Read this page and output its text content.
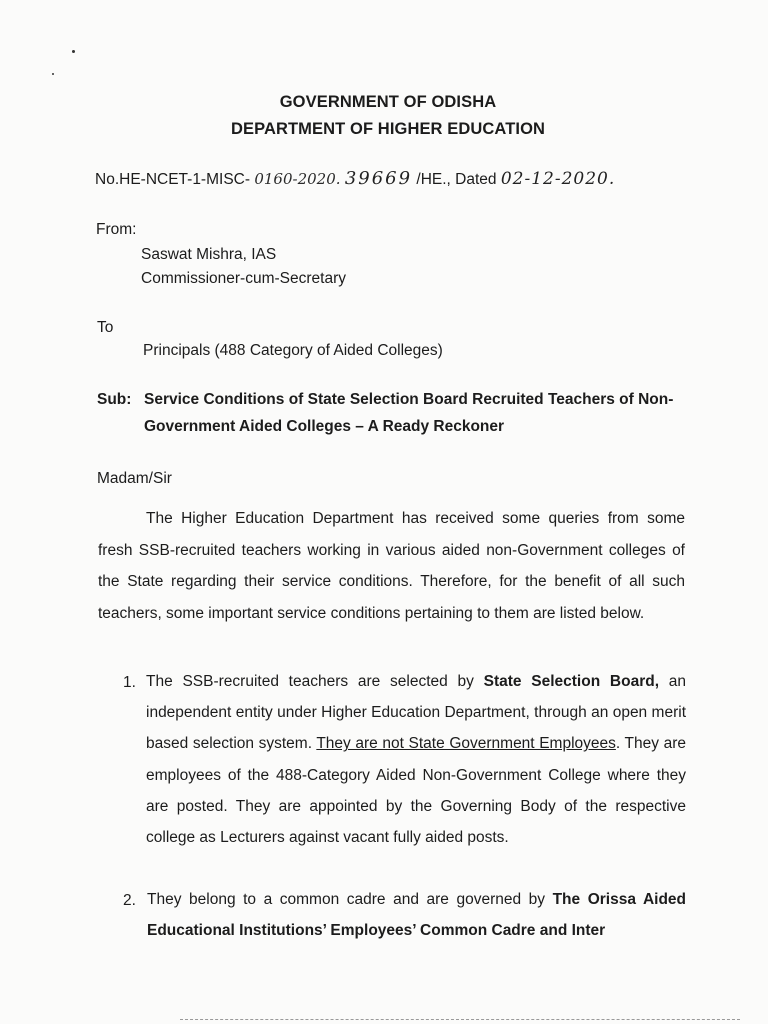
GOVERNMENT OF ODISHA
DEPARTMENT OF HIGHER EDUCATION
No.HE-NCET-1-MISC- 0160-2020. 39669 /HE., Dated 02-12-2020.
From:
Saswat Mishra, IAS
Commissioner-cum-Secretary
To
Principals (488 Category of Aided Colleges)
Sub: Service Conditions of State Selection Board Recruited Teachers of Non-
Government Aided Colleges – A Ready Reckoner
Madam/Sir
The Higher Education Department has received some queries from some fresh SSB-recruited teachers working in various aided non-Government colleges of the State regarding their service conditions. Therefore, for the benefit of all such teachers, some important service conditions pertaining to them are listed below.
1. The SSB-recruited teachers are selected by State Selection Board, an independent entity under Higher Education Department, through an open merit based selection system. They are not State Government Employees. They are employees of the 488-Category Aided Non-Government College where they are posted. They are appointed by the Governing Body of the respective college as Lecturers against vacant fully aided posts.
2. They belong to a common cadre and are governed by The Orissa Aided Educational Institutions’ Employees’ Common Cadre and Inter
